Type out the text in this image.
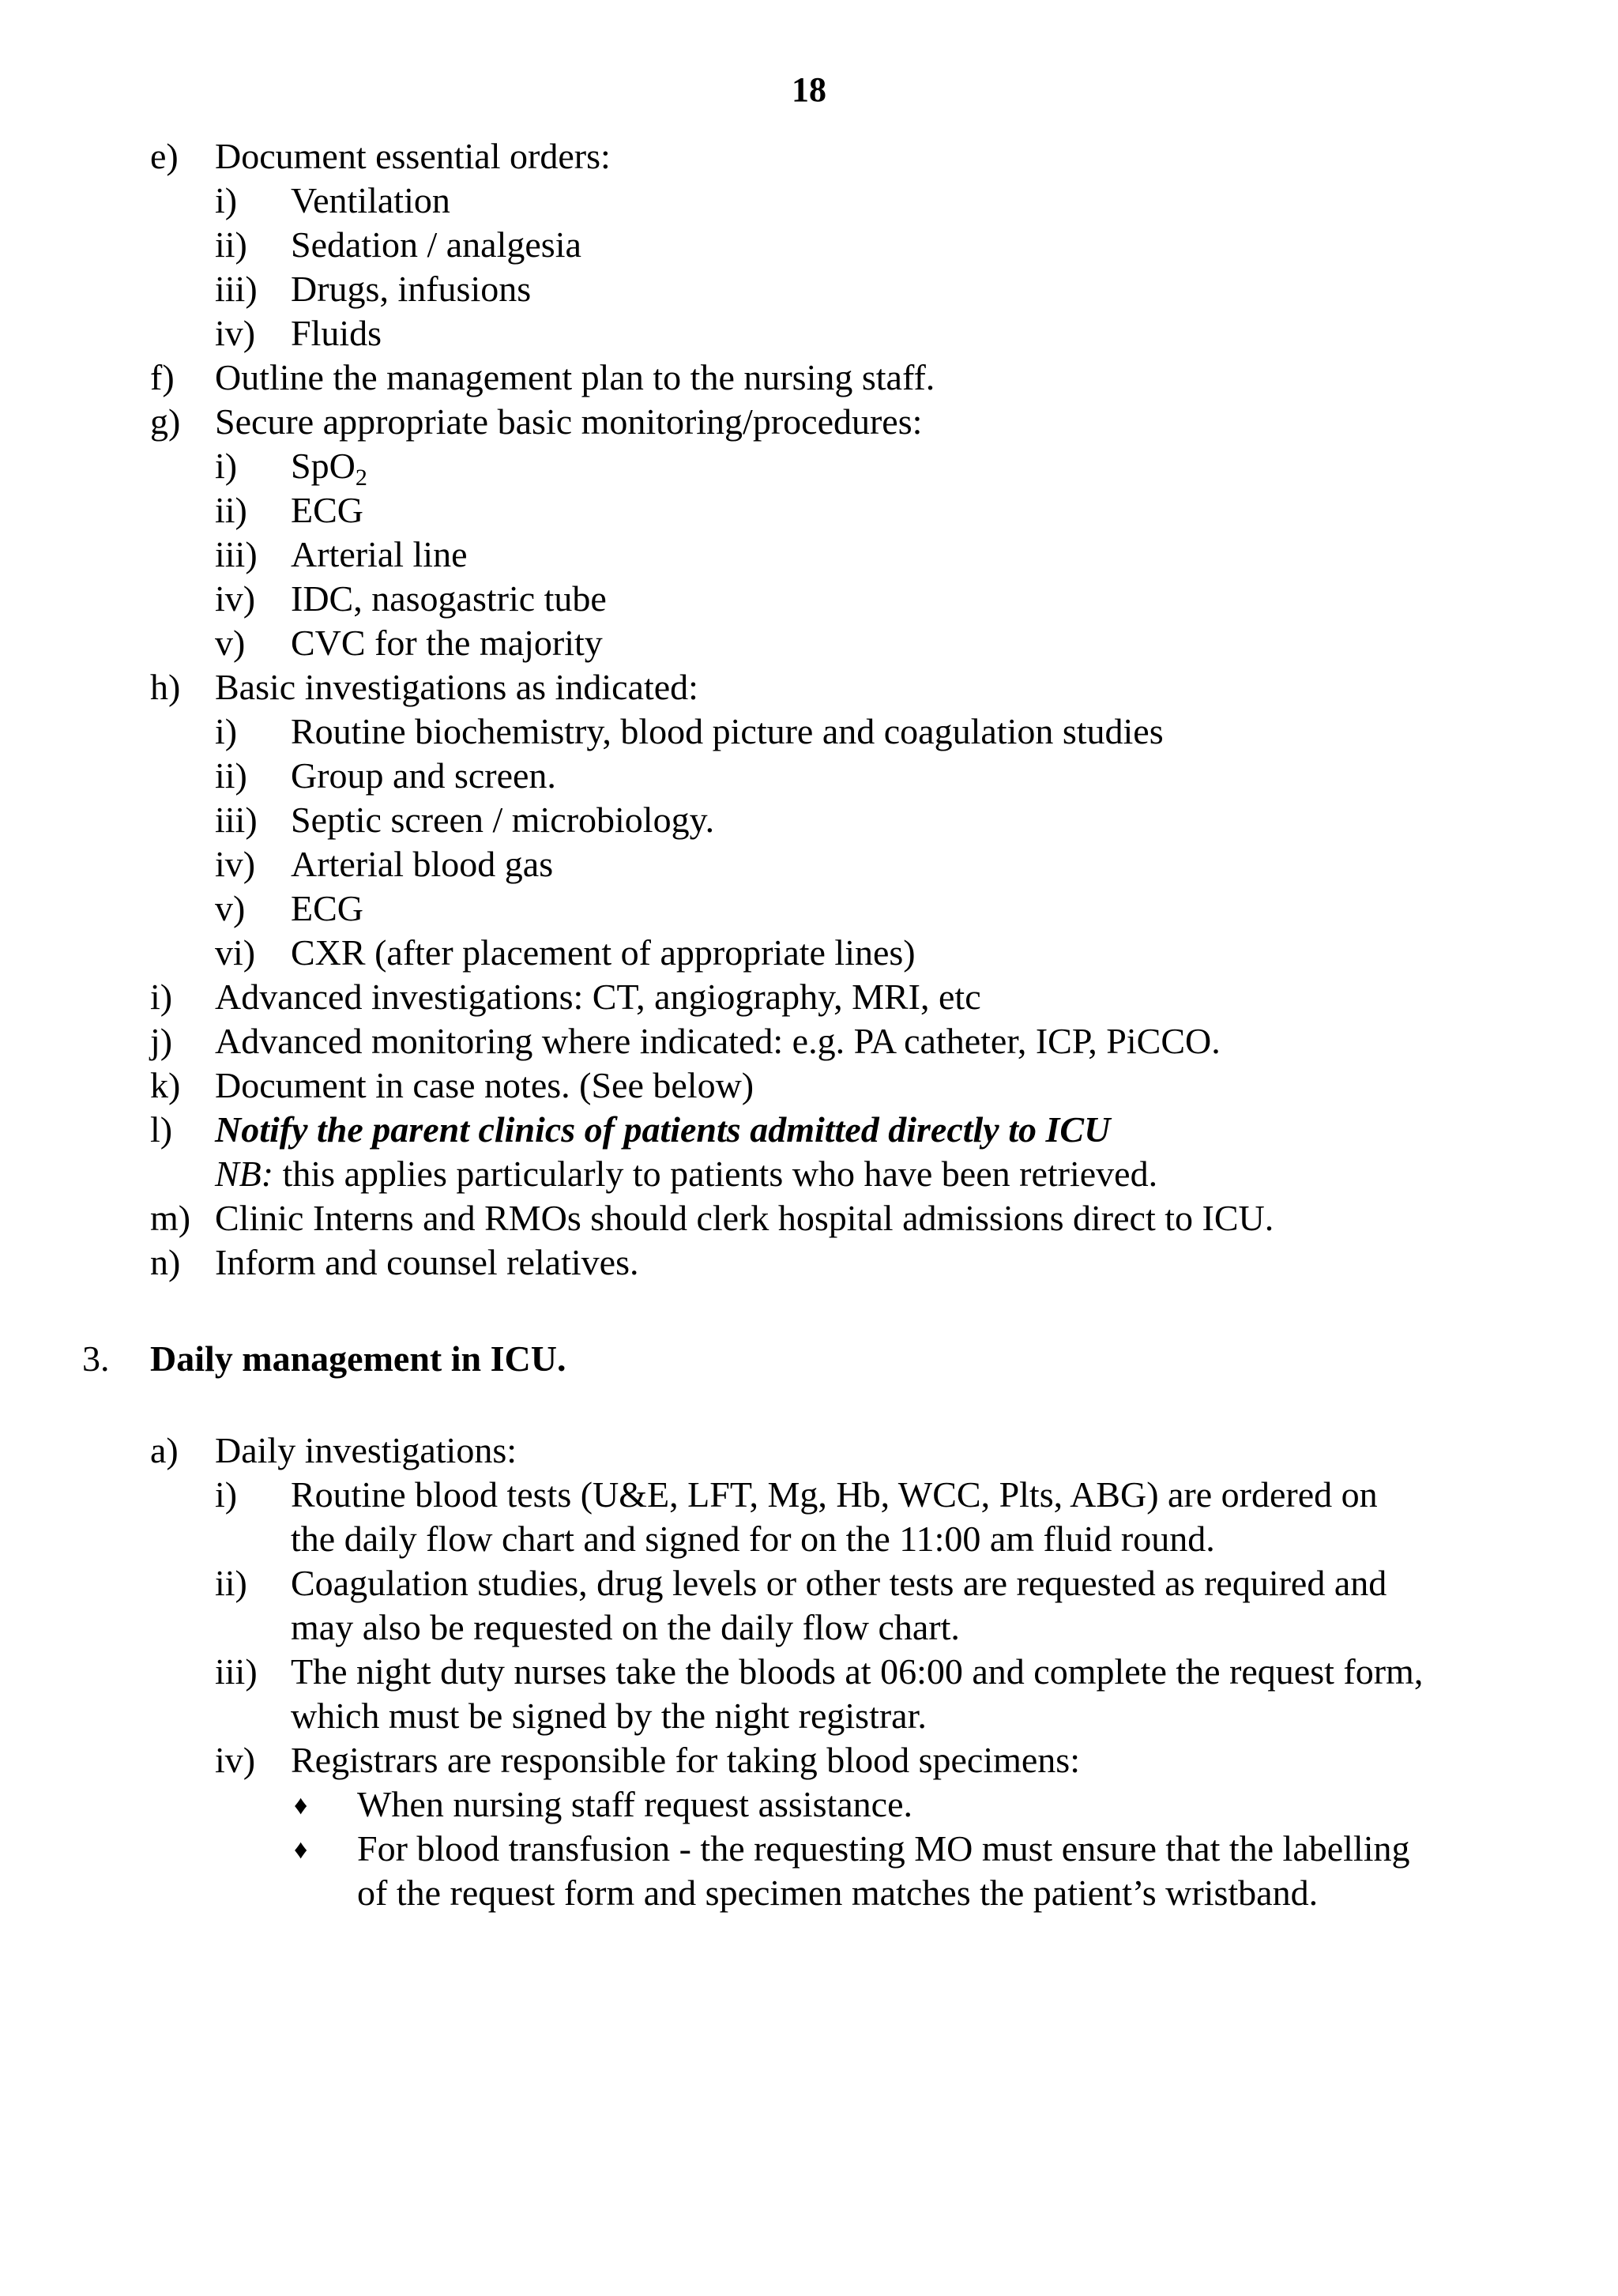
18
e) Document essential orders:
i) Ventilation
ii) Sedation / analgesia
iii) Drugs, infusions
iv) Fluids
f) Outline the management plan to the nursing staff.
g) Secure appropriate basic monitoring/procedures:
i) SpO$_2$
ii) ECG
iii) Arterial line
iv) IDC, nasogastric tube
v) CVC for the majority
h) Basic investigations as indicated:
i) Routine biochemistry, blood picture and coagulation studies
ii) Group and screen.
iii) Septic screen / microbiology.
iv) Arterial blood gas
v) ECG
vi) CXR (after placement of appropriate lines)
i) Advanced investigations: CT, angiography, MRI, etc
j) Advanced monitoring where indicated: e.g. PA catheter, ICP, PiCCO.
k) Document in case notes. (See below)
l) Notify the parent clinics of patients admitted directly to ICU
NB: this applies particularly to patients who have been retrieved.
m) Clinic Interns and RMOs should clerk hospital admissions direct to ICU.
n) Inform and counsel relatives.
3. Daily management in ICU.
a) Daily investigations:
i) Routine blood tests (U&E, LFT, Mg, Hb, WCC, Plts, ABG) are ordered on
the daily flow chart and signed for on the 11:00 am fluid round.
ii) Coagulation studies, drug levels or other tests are requested as required and
may also be requested on the daily flow chart.
iii) The night duty nurses take the bloods at 06:00 and complete the request form,
which must be signed by the night registrar.
iv) Registrars are responsible for taking blood specimens:
♦ When nursing staff request assistance.
♦ For blood transfusion - the requesting MO must ensure that the labelling
of the request form and specimen matches the patient’s wristband.
